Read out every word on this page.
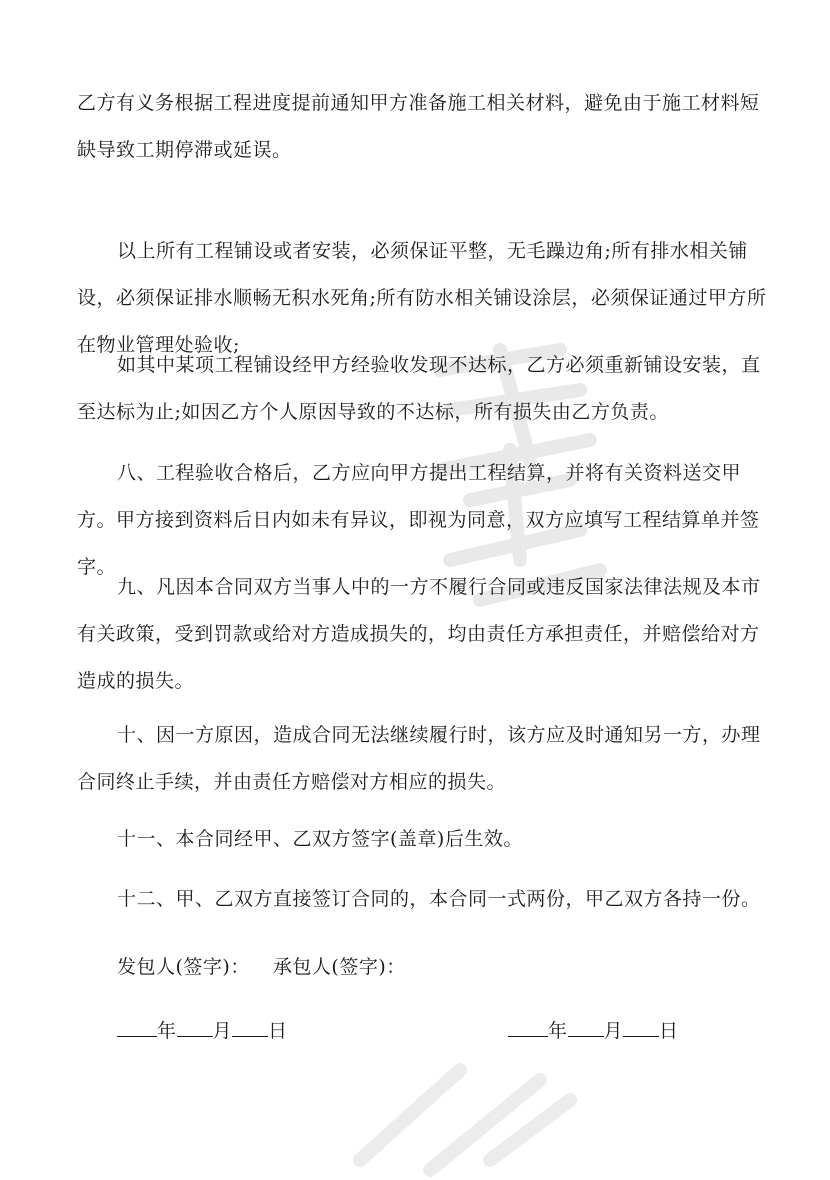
乙方有义务根据工程进度提前通知甲方准备施工相关材料，避免由于施工材料短缺导致工期停滞或延误。

以上所有工程铺设或者安装，必须保证平整，无毛躁边角;所有排水相关铺设，必须保证排水顺畅无积水死角;所有防水相关铺设涂层，必须保证通过甲方所在物业管理处验收;

如其中某项工程铺设经甲方经验收发现不达标，乙方必须重新铺设安装，直至达标为止;如因乙方个人原因导致的不达标，所有损失由乙方负责。

八、工程验收合格后，乙方应向甲方提出工程结算，并将有关资料送交甲方。甲方接到资料后日内如未有异议，即视为同意，双方应填写工程结算单并签字。

九、凡因本合同双方当事人中的一方不履行合同或违反国家法律法规及本市有关政策，受到罚款或给对方造成损失的，均由责任方承担责任，并赔偿给对方造成的损失。

十、因一方原因，造成合同无法继续履行时，该方应及时通知另一方，办理合同终止手续，并由责任方赔偿对方相应的损失。

十一、本合同经甲、乙双方签字(盖章)后生效。

十二、甲、乙双方直接签订合同的，本合同一式两份，甲乙双方各持一份。

发包人(签字)： 承包人(签字)：
年 月 日	年 月 日
